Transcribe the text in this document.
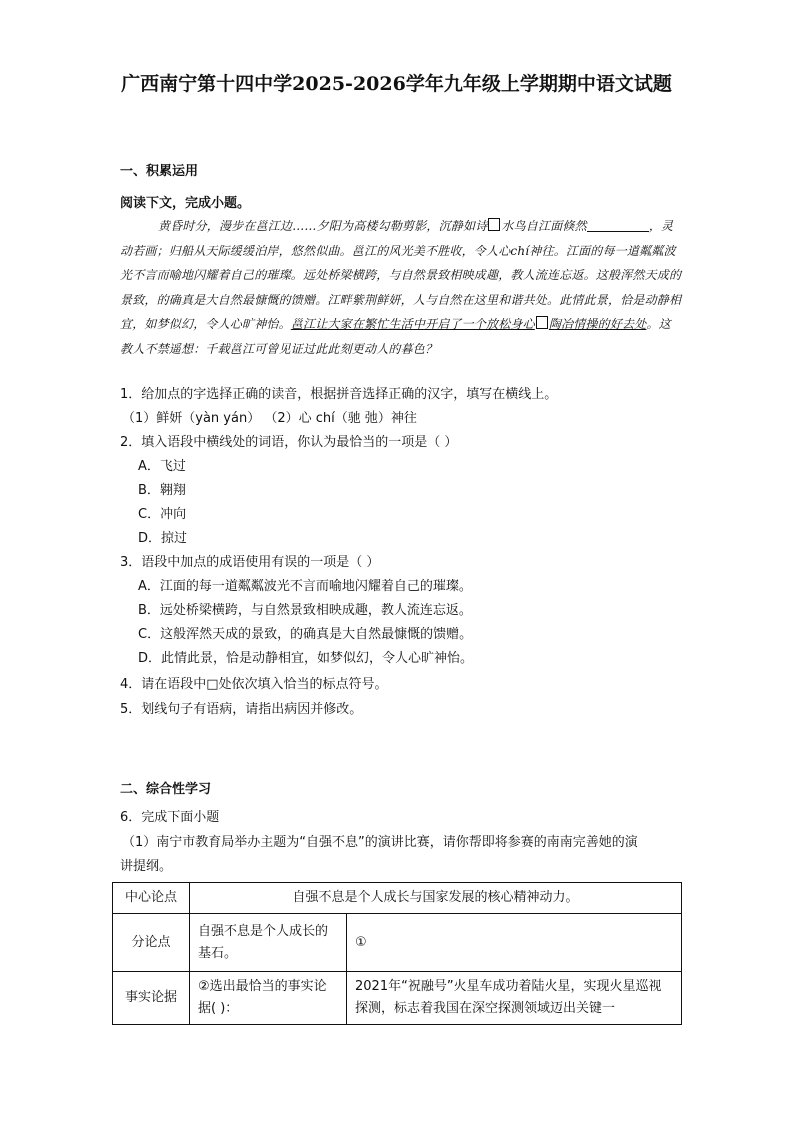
广西南宁第十四中学2025-2026学年九年级上学期期中语文试题
一、积累运用
阅读下文，完成小题。
黄昏时分，漫步在邕江边……夕阳为高楼勾勒剪影，沉静如诗 水鸟自江面倏然	，灵动若画；归船从天际缓缓泊岸，悠然似曲。邕江的风光美不胜收，令人心chí神往。江面的每一道粼粼波光不言而喻地闪耀着自己的璀璨。远处桥梁横跨，与自然景致相映成趣，教人流连忘返。这般浑然天成的景致，的确真是大自然最慷慨的馈赠。江畔紫荆鲜妍，人与自然在这里和谐共处。此情此景，恰是动静相宜，如梦似幻，令人心旷神怡。邕江让大家在繁忙生活中开启了一个放松身心 陶冶情操的好去处。这教人不禁遥想：千载邕江可曾见证过此此刻更动人的暮色？
1．给加点的字选择正确的读音，根据拼音选择正确的汉字，填写在横线上。
（1）鲜妍（yàn yán） （2）心 chí（驰 弛）神往
2．填入语段中横线处的词语，你认为最恰当的一项是（ ）
A．飞过
B．翱翔
C．冲向
D．掠过
3．语段中加点的成语使用有误的一项是（ ）
A．江面的每一道粼粼波光不言而喻地闪耀着自己的璀璨。
B．远处桥梁横跨，与自然景致相映成趣，教人流连忘返。
C．这般浑然天成的景致，的确真是大自然最慷慨的馈赠。
D．此情此景，恰是动静相宜，如梦似幻，令人心旷神怡。
4．请在语段中□处依次填入恰当的标点符号。
5．划线句子有语病，请指出病因并修改。
二、综合性学习
6．完成下面小题
（1）南宁市教育局举办主题为“自强不息”的演讲比赛，请你帮即将参赛的南南完善她的演
讲提纲。
中心论点	自强不息是个人成长与国家发展的核心精神动力。	
分论点	自强不息是个人成长的基石。	①
事实论据	②选出最恰当的事实论据( )：	2021年“祝融号”火星车成功着陆火星，实现火星巡视探测，标志着我国在深空探测领域迈出关键一
